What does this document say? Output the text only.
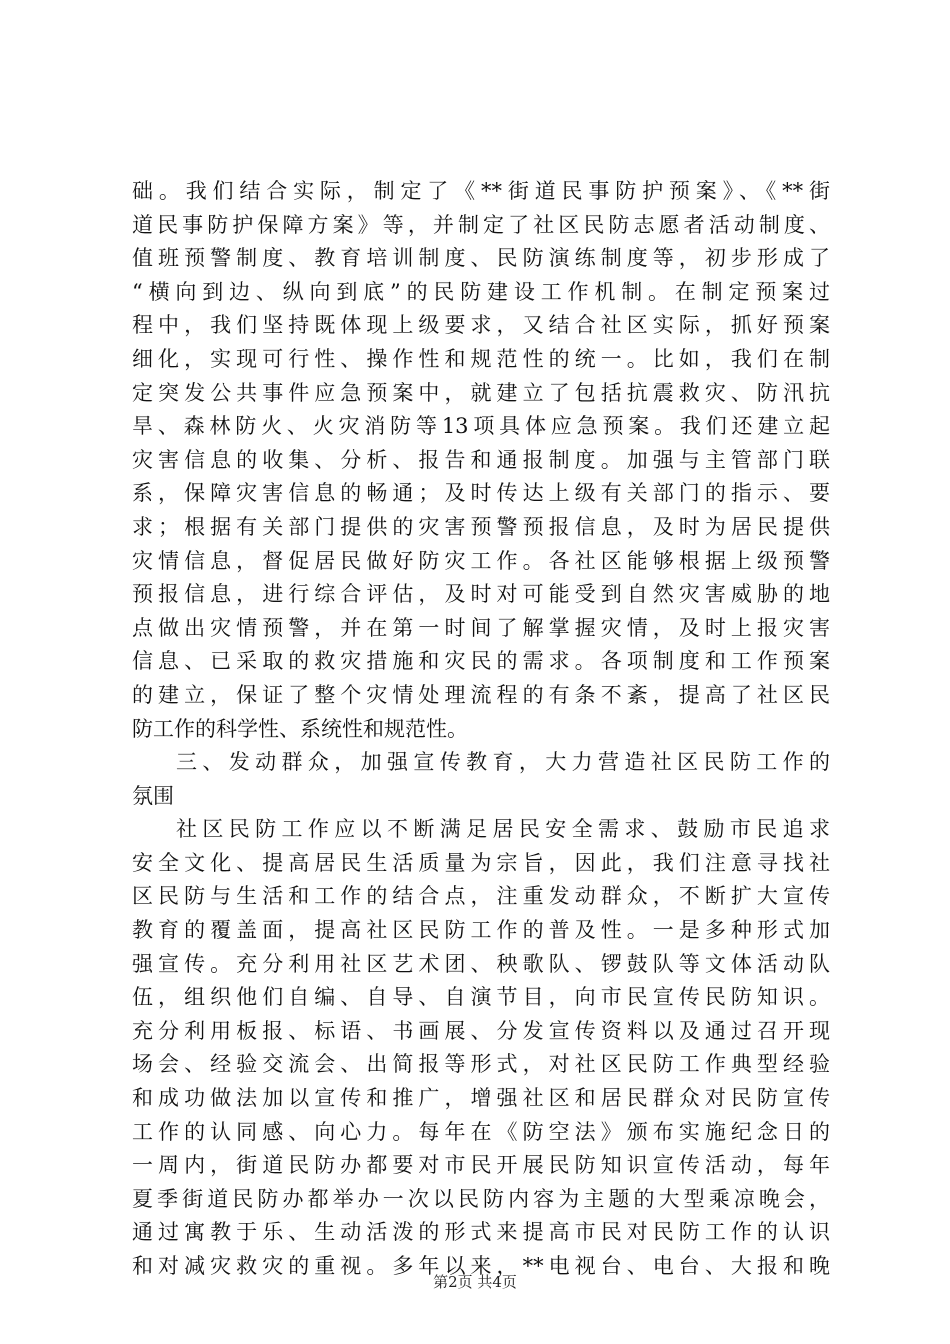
础。我们结合实际，制定了《**街道民事防护预案》、《**街
道民事防护保障方案》等，并制定了社区民防志愿者活动制度、
值班预警制度、教育培训制度、民防演练制度等，初步形成了
“横向到边、纵向到底”的民防建设工作机制。在制定预案过
程中，我们坚持既体现上级要求，又结合社区实际，抓好预案
细化，实现可行性、操作性和规范性的统一。比如，我们在制
定突发公共事件应急预案中，就建立了包括抗震救灾、防汛抗
旱、森林防火、火灾消防等13项具体应急预案。我们还建立起
灾害信息的收集、分析、报告和通报制度。加强与主管部门联
系，保障灾害信息的畅通；及时传达上级有关部门的指示、要
求；根据有关部门提供的灾害预警预报信息，及时为居民提供
灾情信息，督促居民做好防灾工作。各社区能够根据上级预警
预报信息，进行综合评估，及时对可能受到自然灾害威胁的地
点做出灾情预警，并在第一时间了解掌握灾情，及时上报灾害
信息、已采取的救灾措施和灾民的需求。各项制度和工作预案
的建立，保证了整个灾情处理流程的有条不紊，提高了社区民
防工作的科学性、系统性和规范性。
三、发动群众，加强宣传教育，大力营造社区民防工作的
氛围
社区民防工作应以不断满足居民安全需求、鼓励市民追求
安全文化、提高居民生活质量为宗旨，因此，我们注意寻找社
区民防与生活和工作的结合点，注重发动群众，不断扩大宣传
教育的覆盖面，提高社区民防工作的普及性。一是多种形式加
强宣传。充分利用社区艺术团、秧歌队、锣鼓队等文体活动队
伍，组织他们自编、自导、自演节目，向市民宣传民防知识。
充分利用板报、标语、书画展、分发宣传资料以及通过召开现
场会、经验交流会、出简报等形式，对社区民防工作典型经验
和成功做法加以宣传和推广，增强社区和居民群众对民防宣传
工作的认同感、向心力。每年在《防空法》颁布实施纪念日的
一周内，街道民防办都要对市民开展民防知识宣传活动，每年
夏季街道民防办都举办一次以民防内容为主题的大型乘凉晚会，
通过寓教于乐、生动活泼的形式来提高市民对民防工作的认识
和对减灾救灾的重视。多年以来，**电视台、电台、大报和晚
第2页 共4页
